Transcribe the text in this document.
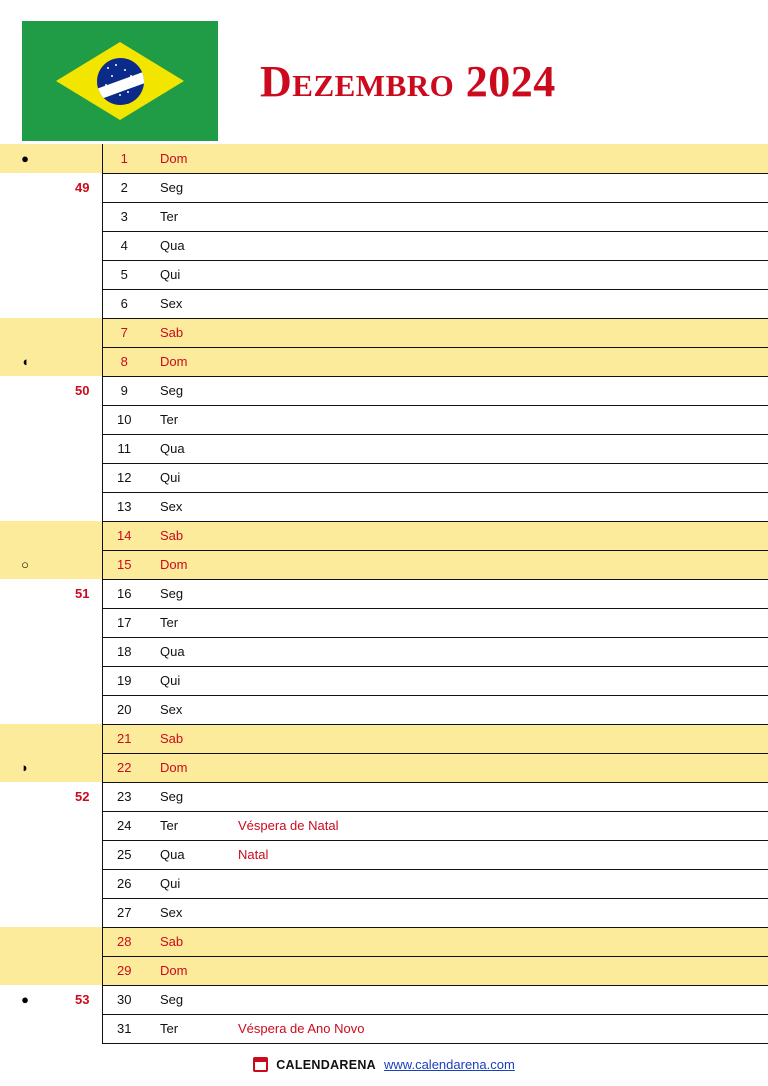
Dezembro 2024
●		1	Dom	
	49	2	Seg	
		3	Ter	
		4	Qua	
		5	Qui	
		6	Sex	
		7	Sab	
◖		8	Dom	
	50	9	Seg	
		10	Ter	
		11	Qua	
		12	Qui	
		13	Sex	
		14	Sab	
○		15	Dom	
	51	16	Seg	
		17	Ter	
		18	Qua	
		19	Qui	
		20	Sex	
		21	Sab	
◗		22	Dom	
	52	23	Seg	
		24	Ter	Véspera de Natal
		25	Qua	Natal
		26	Qui	
		27	Sex	
		28	Sab	
		29	Dom	
●	53	30	Seg	
		31	Ter	Véspera de Ano Novo
CALENDARENA www.calendarena.com
